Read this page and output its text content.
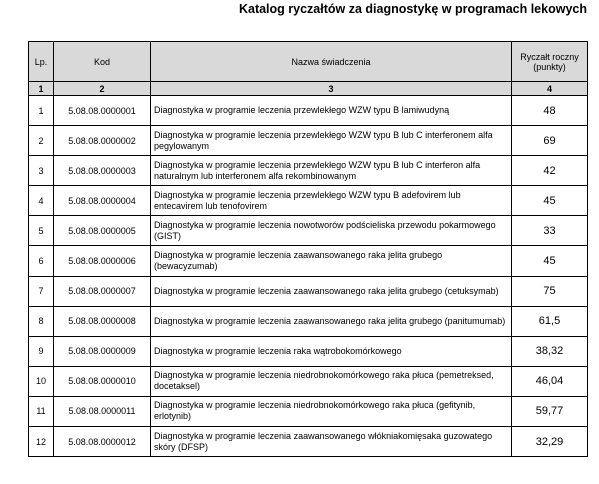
Katalog ryczałtów za diagnostykę w programach lekowych
Lp.	Kod	Nazwa świadczenia	Ryczałt roczny (punkty)
1	2	3	4
1	5.08.08.0000001	Diagnostyka w programie leczenia przewlekłego WZW typu B lamiwudyną	48
2	5.08.08.0000002	Diagnostyka w programie leczenia przewlekłego WZW typu B lub C interferonem alfa pegylowanym	69
3	5.08.08.0000003	Diagnostyka w programie leczenia przewlekłego WZW typu B lub C interferon alfa naturalnym lub interferonem alfa rekombinowanym	42
4	5.08.08.0000004	Diagnostyka w programie leczenia przewlekłego WZW typu B adefovirem lub entecavirem lub tenofovirem	45
5	5.08.08.0000005	Diagnostyka w programie leczenia nowotworów podścieliska przewodu pokarmowego (GIST)	33
6	5.08.08.0000006	Diagnostyka w programie leczenia zaawansowanego raka jelita grubego (bewacyzumab)	45
7	5.08.08.0000007	Diagnostyka w programie leczenia zaawansowanego raka jelita grubego (cetuksymab)	75
8	5.08.08.0000008	Diagnostyka w programie leczenia zaawansowanego raka jelita grubego (panitumumab)	61,5
9	5.08.08.0000009	Diagnostyka w programie leczenia raka wątrobokomórkowego	38,32
10	5.08.08.0000010	Diagnostyka w programie leczenia niedrobnokomórkowego raka płuca (pemetreksed, docetaksel)	46,04
11	5.08.08.0000011	Diagnostyka w programie leczenia niedrobnokomórkowego raka płuca (gefitynib, erlotynib)	59,77
12	5.08.08.0000012	Diagnostyka w programie leczenia zaawansowanego włókniakomięsaka guzowatego skóry (DFSP)	32,29
